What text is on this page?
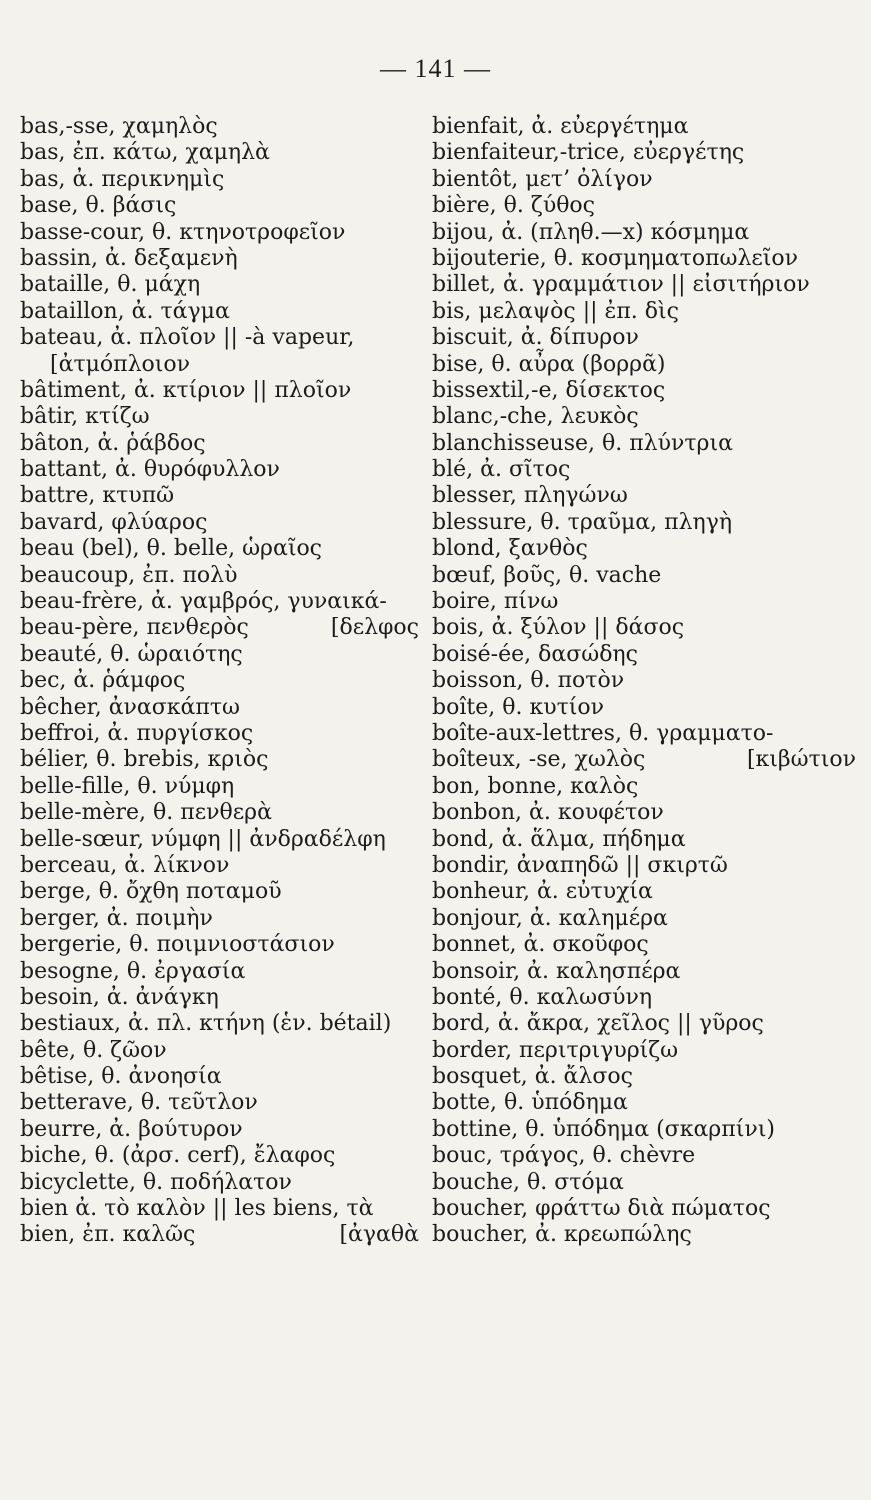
— 141 —
bas,-sse, χαμηλὸς
bas, ἐπ. κάτω, χαμηλὰ
bas, ἀ. περικνημὶς
base, θ. βάσις
basse-cour, θ. κτηνοτροφεῖον
bassin, ἀ. δεξαμενὴ
bataille, θ. μάχη
bataillon, ἀ. τάγμα
bateau, ἀ. πλοῖον || -à vapeur,
[ἀτμόπλοιον
bâtiment, ἀ. κτίριον || πλοῖον
bâtir, κτίζω
bâton, ἀ. ῥάβδος
battant, ἀ. θυρόφυλλον
battre, κτυπῶ
bavard, φλύαρος
beau (bel), θ. belle, ὡραῖος
beaucoup, ἐπ. πολὺ
beau-frère, ἀ. γαμβρός, γυναικά-
beau-père, πενθερὸς	[δελφος
beauté, θ. ὡραιότης
bec, ἀ. ῥάμφος
bêcher, ἀνασκάπτω
beffroi, ἀ. πυργίσκος
bélier, θ. brebis, κριὸς
belle-fille, θ. νύμφη
belle-mère, θ. πενθερὰ
belle-sœur, νύμφη || ἀνδραδέλφη
berceau, ἀ. λίκνον
berge, θ. ὄχθη ποταμοῦ
berger, ἀ. ποιμὴν
bergerie, θ. ποιμνιοστάσιον
besogne, θ. ἐργασία
besoin, ἀ. ἀνάγκη
bestiaux, ἀ. πλ. κτήνη (ἑν. bétail)
bête, θ. ζῶον
bêtise, θ. ἀνοησία
betterave, θ. τεῦτλον
beurre, ἀ. βούτυρον
biche, θ. (ἀρσ. cerf), ἔλαφος
bicyclette, θ. ποδήλατον
bien ἀ. τὸ καλὸν || les biens, τὰ
bien, ἐπ. καλῶς	[ἀγαθὰ
bienfait, ἀ. εὐεργέτημα
bienfaiteur,-trice, εὐεργέτης
bientôt, μετ’ ὀλίγον
bière, θ. ζύθος
bijou, ἀ. (πληθ.—x) κόσμημα
bijouterie, θ. κοσμηματοπωλεῖον
billet, ἀ. γραμμάτιον || εἰσιτήριον
bis, μελαψὸς || ἐπ. δὶς
biscuit, ἀ. δίπυρον
bise, θ. αὖρα (βορρᾶ)
bissextil,-e, δίσεκτος
blanc,-che, λευκὸς
blanchisseuse, θ. πλύντρια
blé, ἀ. σῖτος
blesser, πληγώνω
blessure, θ. τραῦμα, πληγὴ
blond, ξανθὸς
bœuf, βοῦς, θ. vache
boire, πίνω
bois, ἀ. ξύλον || δάσος
boisé-ée, δασώδης
boisson, θ. ποτὸν
boîte, θ. κυτίον
boîte-aux-lettres, θ. γραμματο-
boîteux, -se, χωλὸς	[κιβώτιον
bon, bonne, καλὸς
bonbon, ἀ. κουφέτον
bond, ἀ. ἅλμα, πήδημα
bondir, ἀναπηδῶ || σκιρτῶ
bonheur, ἀ. εὐτυχία
bonjour, ἀ. καλημέρα
bonnet, ἀ. σκοῦφος
bonsoir, ἀ. καλησπέρα
bonté, θ. καλωσύνη
bord, ἀ. ἄκρα, χεῖλος || γῦρος
border, περιτριγυρίζω
bosquet, ἀ. ἄλσος
botte, θ. ὑπόδημα
bottine, θ. ὑπόδημα (σκαρπίνι)
bouc, τράγος, θ. chèvre
bouche, θ. στόμα
boucher, φράττω διὰ πώματος
boucher, ἀ. κρεωπώλης
